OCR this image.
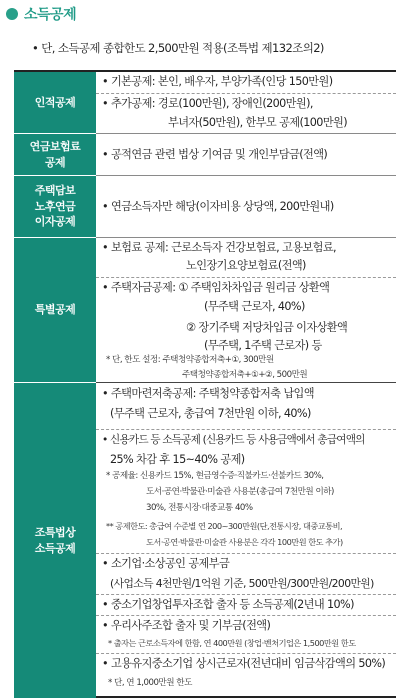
소득공제
• 단, 소득공제 종합한도 2,500만원 적용(조특법 제132조의2)
인적공제
• 기본공제: 본인, 배우자, 부양가족(인당 150만원)
• 추가공제: 경로(100만원), 장애인(200만원),
부녀자(50만원), 한부모 공제(100만원)
연금보험료
공제
• 공적연금 관련 법상 기여금 및 개인부담금(전액)
주택담보
노후연금
이자공제
• 연금소득자만 해당(이자비용 상당액, 200만원내)
특별공제
• 보험료 공제: 근로소득자 건강보험료, 고용보험료,
노인장기요양보험료(전액)
• 주택자금공제: ① 주택임차차입금 원리금 상환액
(무주택 근로자, 40%)
② 장기주택 저당차입금 이자상환액
(무주택, 1주택 근로자) 등
* 단, 한도 설정: 주택청약종합저축+①, 300만원
주택청약종합저축+①+②, 500만원
조특법상
소득공제
• 주택마련저축공제: 주택청약종합저축 납입액
(무주택 근로자, 총급여 7천만원 이하, 40%)
• 신용카드 등 소득공제 (신용카드 등 사용금액에서 총급여액의
25% 차감 후 15~40% 공제)
* 공제율: 신용카드 15%, 현금영수증·직불카드·선불카드 30%,
도서·공연·박물관·미술관 사용분(총급여 7천만원 이하)
30%, 전통시장·대중교통 40%
** 공제한도: 총급여 수준별 연 200~300만원(단,전통시장, 대중교통비,
도서·공연·박물관·미술관 사용분은 각각 100만원 한도 추가)
• 소기업·소상공인 공제부금
(사업소득 4천만원/1억원 기준, 500만원/300만원/200만원)
• 중소기업창업투자조합 출자 등 소득공제(2년내 10%)
• 우리사주조합 출자 및 기부금(전액)
* 출자는 근로소득자에 한함, 연 400만원 (창업·벤처기업은 1,500만원 한도
• 고용유지중소기업 상시근로자(전년대비 임금삭감액의 50%)
* 단, 연 1,000만원 한도
